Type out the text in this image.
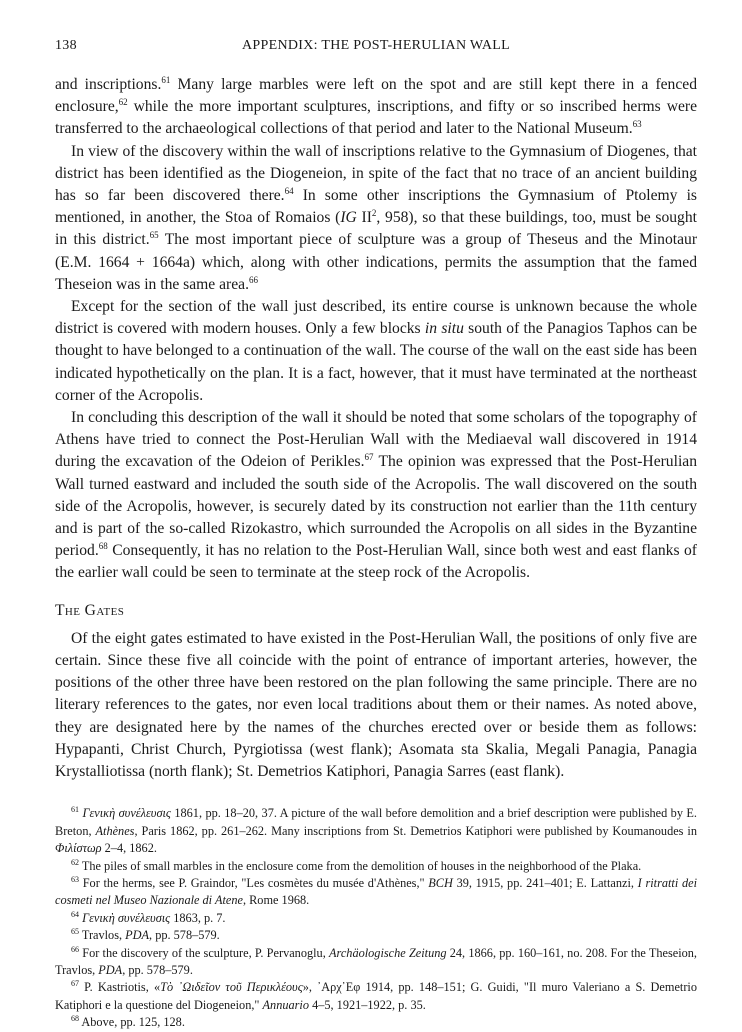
138	APPENDIX: THE POST-HERULIAN WALL

and inscriptions.$^{61}$ Many large marbles were left on the spot and are still kept there in a fenced enclosure,$^{62}$ while the more important sculptures, inscriptions, and fifty or so inscribed herms were transferred to the archaeological collections of that period and later to the National Museum.$^{63}$

In view of the discovery within the wall of inscriptions relative to the Gymnasium of Diogenes, that district has been identified as the Diogeneion, in spite of the fact that no trace of an ancient building has so far been discovered there.$^{64}$ In some other inscriptions the Gymnasium of Ptolemy is mentioned, in another, the Stoa of Romaios (IG $II^2$, 958), so that these buildings, too, must be sought in this district.$^{65}$ The most important piece of sculpture was a group of Theseus and the Minotaur (E.M. 1664 + 1664a) which, along with other indications, permits the assumption that the famed Theseion was in the same area.$^{66}$

Except for the section of the wall just described, its entire course is unknown because the whole district is covered with modern houses. Only a few blocks in situ south of the Panagios Taphos can be thought to have belonged to a continuation of the wall. The course of the wall on the east side has been indicated hypothetically on the plan. It is a fact, however, that it must have terminated at the northeast corner of the Acropolis.

In concluding this description of the wall it should be noted that some scholars of the topography of Athens have tried to connect the Post-Herulian Wall with the Mediaeval wall discovered in 1914 during the excavation of the Odeion of Perikles.$^{67}$ The opinion was expressed that the Post-Herulian Wall turned eastward and included the south side of the Acropolis. The wall discovered on the south side of the Acropolis, however, is securely dated by its construction not earlier than the 11th century and is part of the so-called Rizokastro, which surrounded the Acropolis on all sides in the Byzantine period.$^{68}$ Consequently, it has no relation to the Post-Herulian Wall, since both west and east flanks of the earlier wall could be seen to terminate at the steep rock of the Acropolis.

The Gates

Of the eight gates estimated to have existed in the Post-Herulian Wall, the positions of only five are certain. Since these five all coincide with the point of entrance of important arteries, however, the positions of the other three have been restored on the plan following the same principle. There are no literary references to the gates, nor even local traditions about them or their names. As noted above, they are designated here by the names of the churches erected over or beside them as follows: Hypapanti, Christ Church, Pyrgiotissa (west flank); Asomata sta Skalia, Megali Panagia, Panagia Krystalliotissa (north flank); St. Demetrios Katiphori, Panagia Sarres (east flank).

$^{61}$ Γενικὴ συνέλευσις 1861, pp. 18–20, 37. A picture of the wall before demolition and a brief description were published by E. Breton, Athènes, Paris 1862, pp. 261–262. Many inscriptions from St. Demetrios Katiphori were published by Koumanoudes in Φιλίστωρ 2–4, 1862.

$^{62}$ The piles of small marbles in the enclosure come from the demolition of houses in the neighborhood of the Plaka.

$^{63}$ For the herms, see P. Graindor, "Les cosmètes du musée d'Athènes," BCH 39, 1915, pp. 241–401; E. Lattanzi, I ritratti dei cosmeti nel Museo Nazionale di Atene, Rome 1968.

$^{64}$ Γενικὴ συνέλευσις 1863, p. 7.

$^{65}$ Travlos, PDA, pp. 578–579.

$^{66}$ For the discovery of the sculpture, P. Pervanoglu, Archäologische Zeitung 24, 1866, pp. 160–161, no. 208. For the Theseion, Travlos, PDA, pp. 578–579.

$^{67}$ P. Kastriotis, «Τὸ ᾿Ωιδεῖον τοῦ Περικλέους», ᾿Αρχ᾿Εφ 1914, pp. 148–151; G. Guidi, "Il muro Valeriano a S. Demetrio Katiphori e la questione del Diogeneion," Annuario 4–5, 1921–1922, p. 35.

$^{68}$ Above, pp. 125, 128.
